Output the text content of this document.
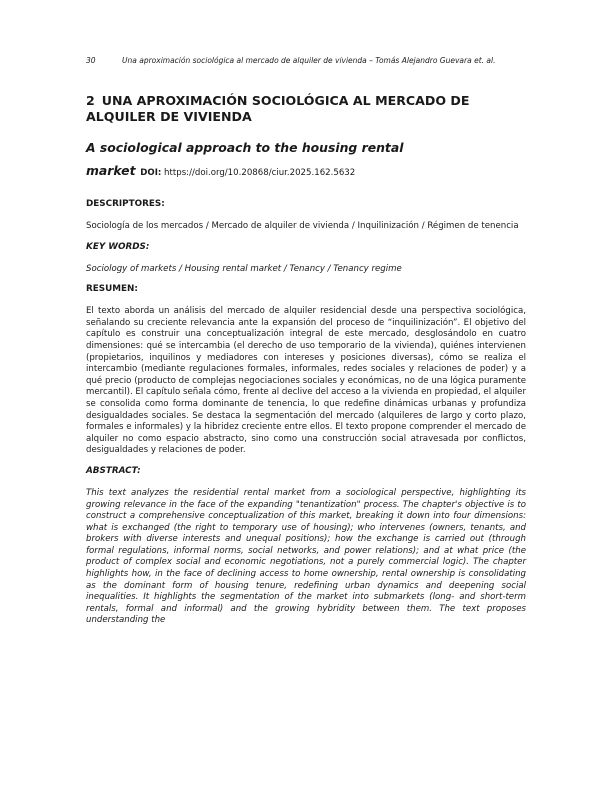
30	Una aproximación sociológica al mercado de alquiler de vivienda – Tomás Alejandro Guevara et. al.
2 UNA APROXIMACIÓN SOCIOLÓGICA AL MERCADO DE ALQUILER DE VIVIENDA
A sociological approach to the housing rental
market DOI: https://doi.org/10.20868/ciur.2025.162.5632
DESCRIPTORES:
Sociología de los mercados / Mercado de alquiler de vivienda / Inquilinización / Régimen de tenencia
KEY WORDS:
Sociology of markets / Housing rental market / Tenancy / Tenancy regime
RESUMEN:
El texto aborda un análisis del mercado de alquiler residencial desde una perspectiva sociológica, señalando su creciente relevancia ante la expansión del proceso de “inquilinización”. El objetivo del capítulo es construir una conceptualización integral de este mercado, desglosándolo en cuatro dimensiones: qué se intercambia (el derecho de uso temporario de la vivienda), quiénes intervienen (propietarios, inquilinos y mediadores con intereses y posiciones diversas), cómo se realiza el intercambio (mediante regulaciones formales, informales, redes sociales y relaciones de poder) y a qué precio (producto de complejas negociaciones sociales y económicas, no de una lógica puramente mercantil). El capítulo señala cómo, frente al declive del acceso a la vivienda en propiedad, el alquiler se consolida como forma dominante de tenencia, lo que redefine dinámicas urbanas y profundiza desigualdades sociales. Se destaca la segmentación del mercado (alquileres de largo y corto plazo, formales e informales) y la hibridez creciente entre ellos. El texto propone comprender el mercado de alquiler no como espacio abstracto, sino como una construcción social atravesada por conflictos, desigualdades y relaciones de poder.
ABSTRACT:
This text analyzes the residential rental market from a sociological perspective, highlighting its growing relevance in the face of the expanding "tenantization" process. The chapter's objective is to construct a comprehensive conceptualization of this market, breaking it down into four dimensions: what is exchanged (the right to temporary use of housing); who intervenes (owners, tenants, and brokers with diverse interests and unequal positions); how the exchange is carried out (through formal regulations, informal norms, social networks, and power relations); and at what price (the product of complex social and economic negotiations, not a purely commercial logic). The chapter highlights how, in the face of declining access to home ownership, rental ownership is consolidating as the dominant form of housing tenure, redefining urban dynamics and deepening social inequalities. It highlights the segmentation of the market into submarkets (long- and short-term rentals, formal and informal) and the growing hybridity between them. The text proposes understanding the
